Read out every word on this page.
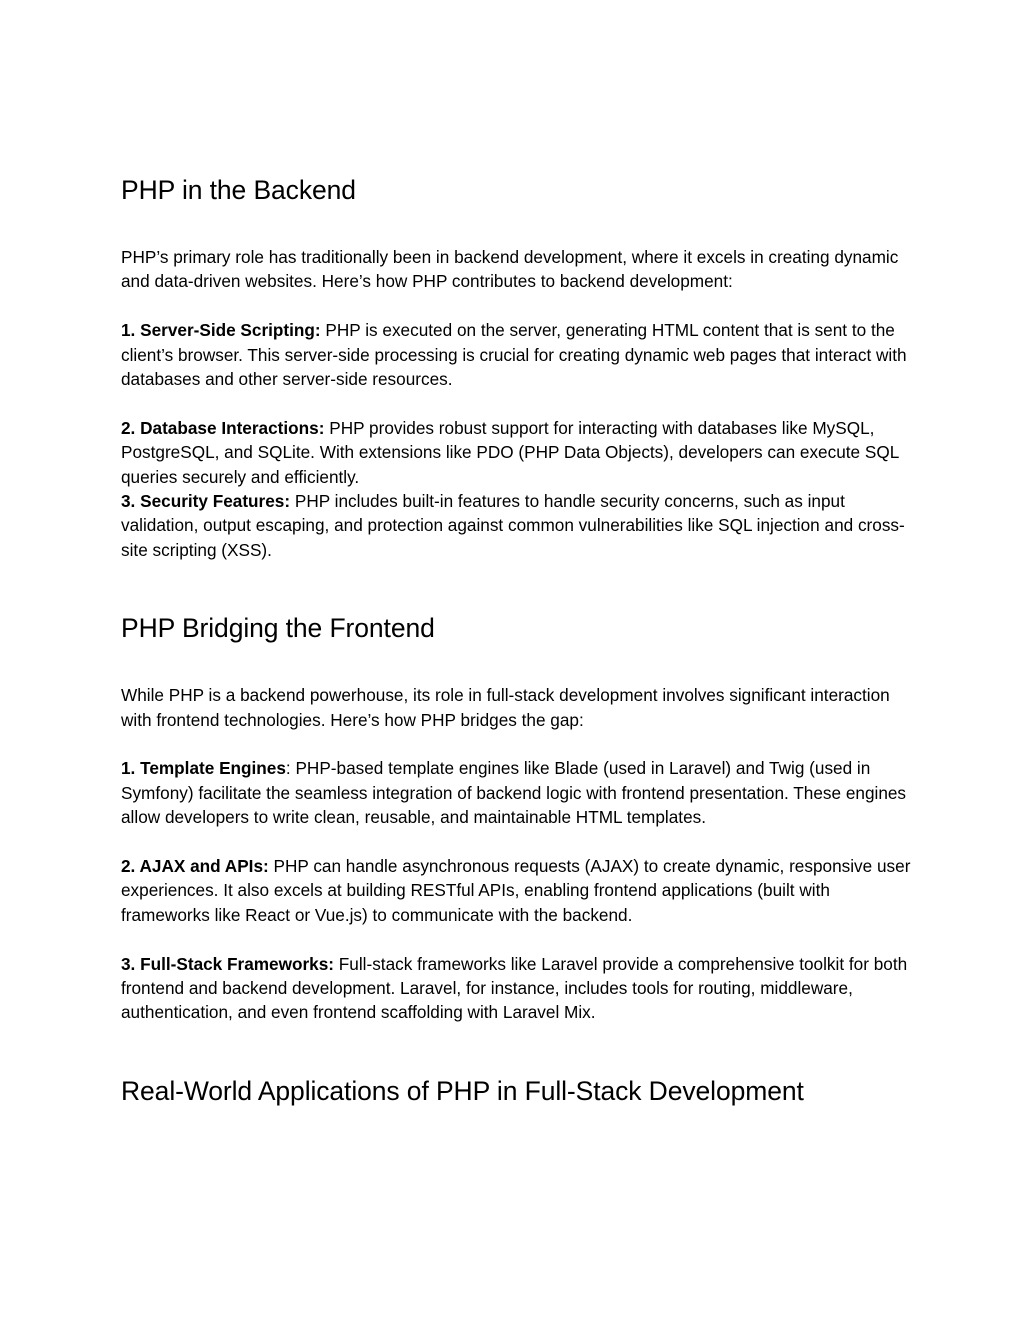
PHP in the Backend

PHP’s primary role has traditionally been in backend development, where it excels in creating dynamic and data-driven websites. Here’s how PHP contributes to backend development:

1. Server-Side Scripting: PHP is executed on the server, generating HTML content that is sent to the client’s browser. This server-side processing is crucial for creating dynamic web pages that interact with databases and other server-side resources.

2. Database Interactions: PHP provides robust support for interacting with databases like MySQL, PostgreSQL, and SQLite. With extensions like PDO (PHP Data Objects), developers can execute SQL queries securely and efficiently.

3. Security Features: PHP includes built-in features to handle security concerns, such as input validation, output escaping, and protection against common vulnerabilities like SQL injection and cross-site scripting (XSS).

PHP Bridging the Frontend

While PHP is a backend powerhouse, its role in full-stack development involves significant interaction with frontend technologies. Here’s how PHP bridges the gap:

1. Template Engines: PHP-based template engines like Blade (used in Laravel) and Twig (used in Symfony) facilitate the seamless integration of backend logic with frontend presentation. These engines allow developers to write clean, reusable, and maintainable HTML templates.

2. AJAX and APIs: PHP can handle asynchronous requests (AJAX) to create dynamic, responsive user experiences. It also excels at building RESTful APIs, enabling frontend applications (built with frameworks like React or Vue.js) to communicate with the backend.

3. Full-Stack Frameworks: Full-stack frameworks like Laravel provide a comprehensive toolkit for both frontend and backend development. Laravel, for instance, includes tools for routing, middleware, authentication, and even frontend scaffolding with Laravel Mix.

Real-World Applications of PHP in Full-Stack Development
